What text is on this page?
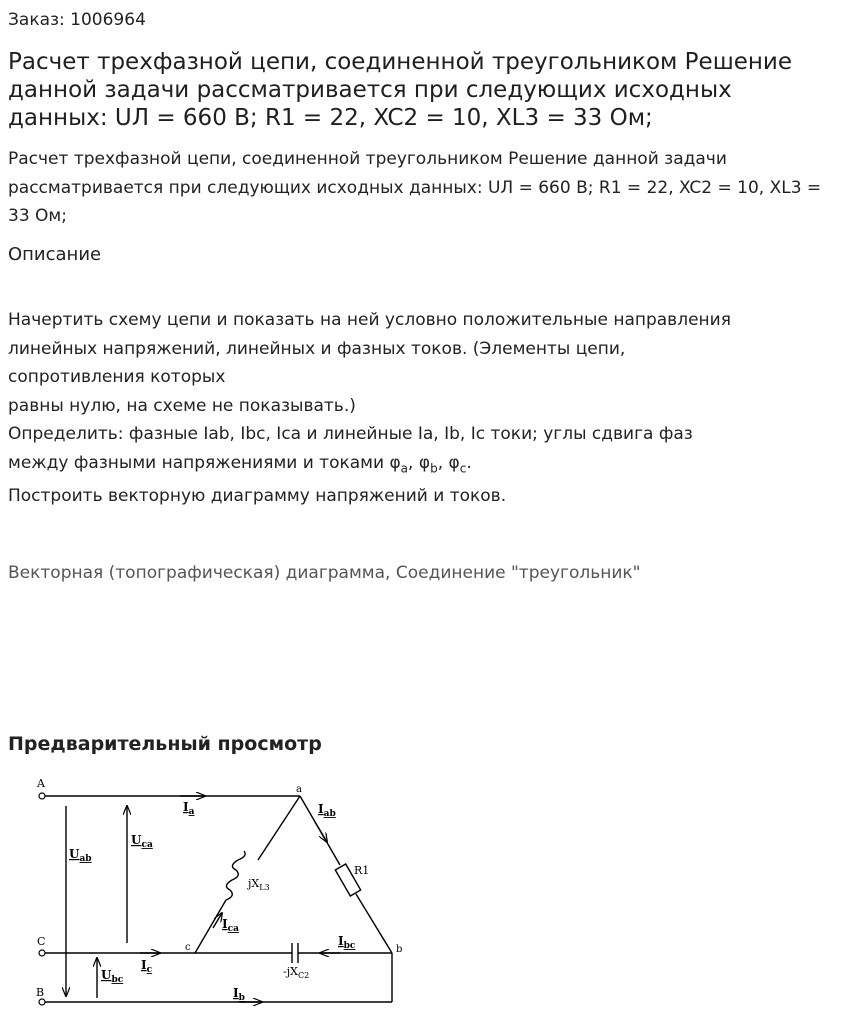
Заказ: 1006964
Расчет трехфазной цепи, соединенной треугольником Решение данной задачи рассматривается при следующих исходных данных: UЛ = 660 В; R1 = 22, XC2 = 10, XL3 = 33 Ом;

Расчет трехфазной цепи, соединенной треугольником Решение данной задачи рассматривается при следующих исходных данных: UЛ = 660 В; R1 = 22, XC2 = 10, XL3 = 33 Ом;

Описание
Начертить схему цепи и показать на ней условно положительные направления
линейных напряжений, линейных и фазных токов. (Элементы цепи,
сопротивления которых
равны нулю, на схеме не показывать.)
Определить: фазные Iab, Ibc, Ica и линейные Ia, Ib, Ic токи; углы сдвига фаз
между фазными напряжениями и токами $\varphi_a$, $\varphi_b$, $\varphi_c$.
Построить векторную диаграмму напряжений и токов.
Векторная (топографическая) диаграмма, Соединение "треугольник"
Предварительный просмотр
A
C
B
a
b
c
$I_a$
$I_b$
$I_c$
$I_{ab}$
$I_{bc}$
$I_{ca}$
$U_{ab}$
$U_{ca}$
$U_{bc}$
R1
$jX_{L3}$
$-jX_{C2}$
